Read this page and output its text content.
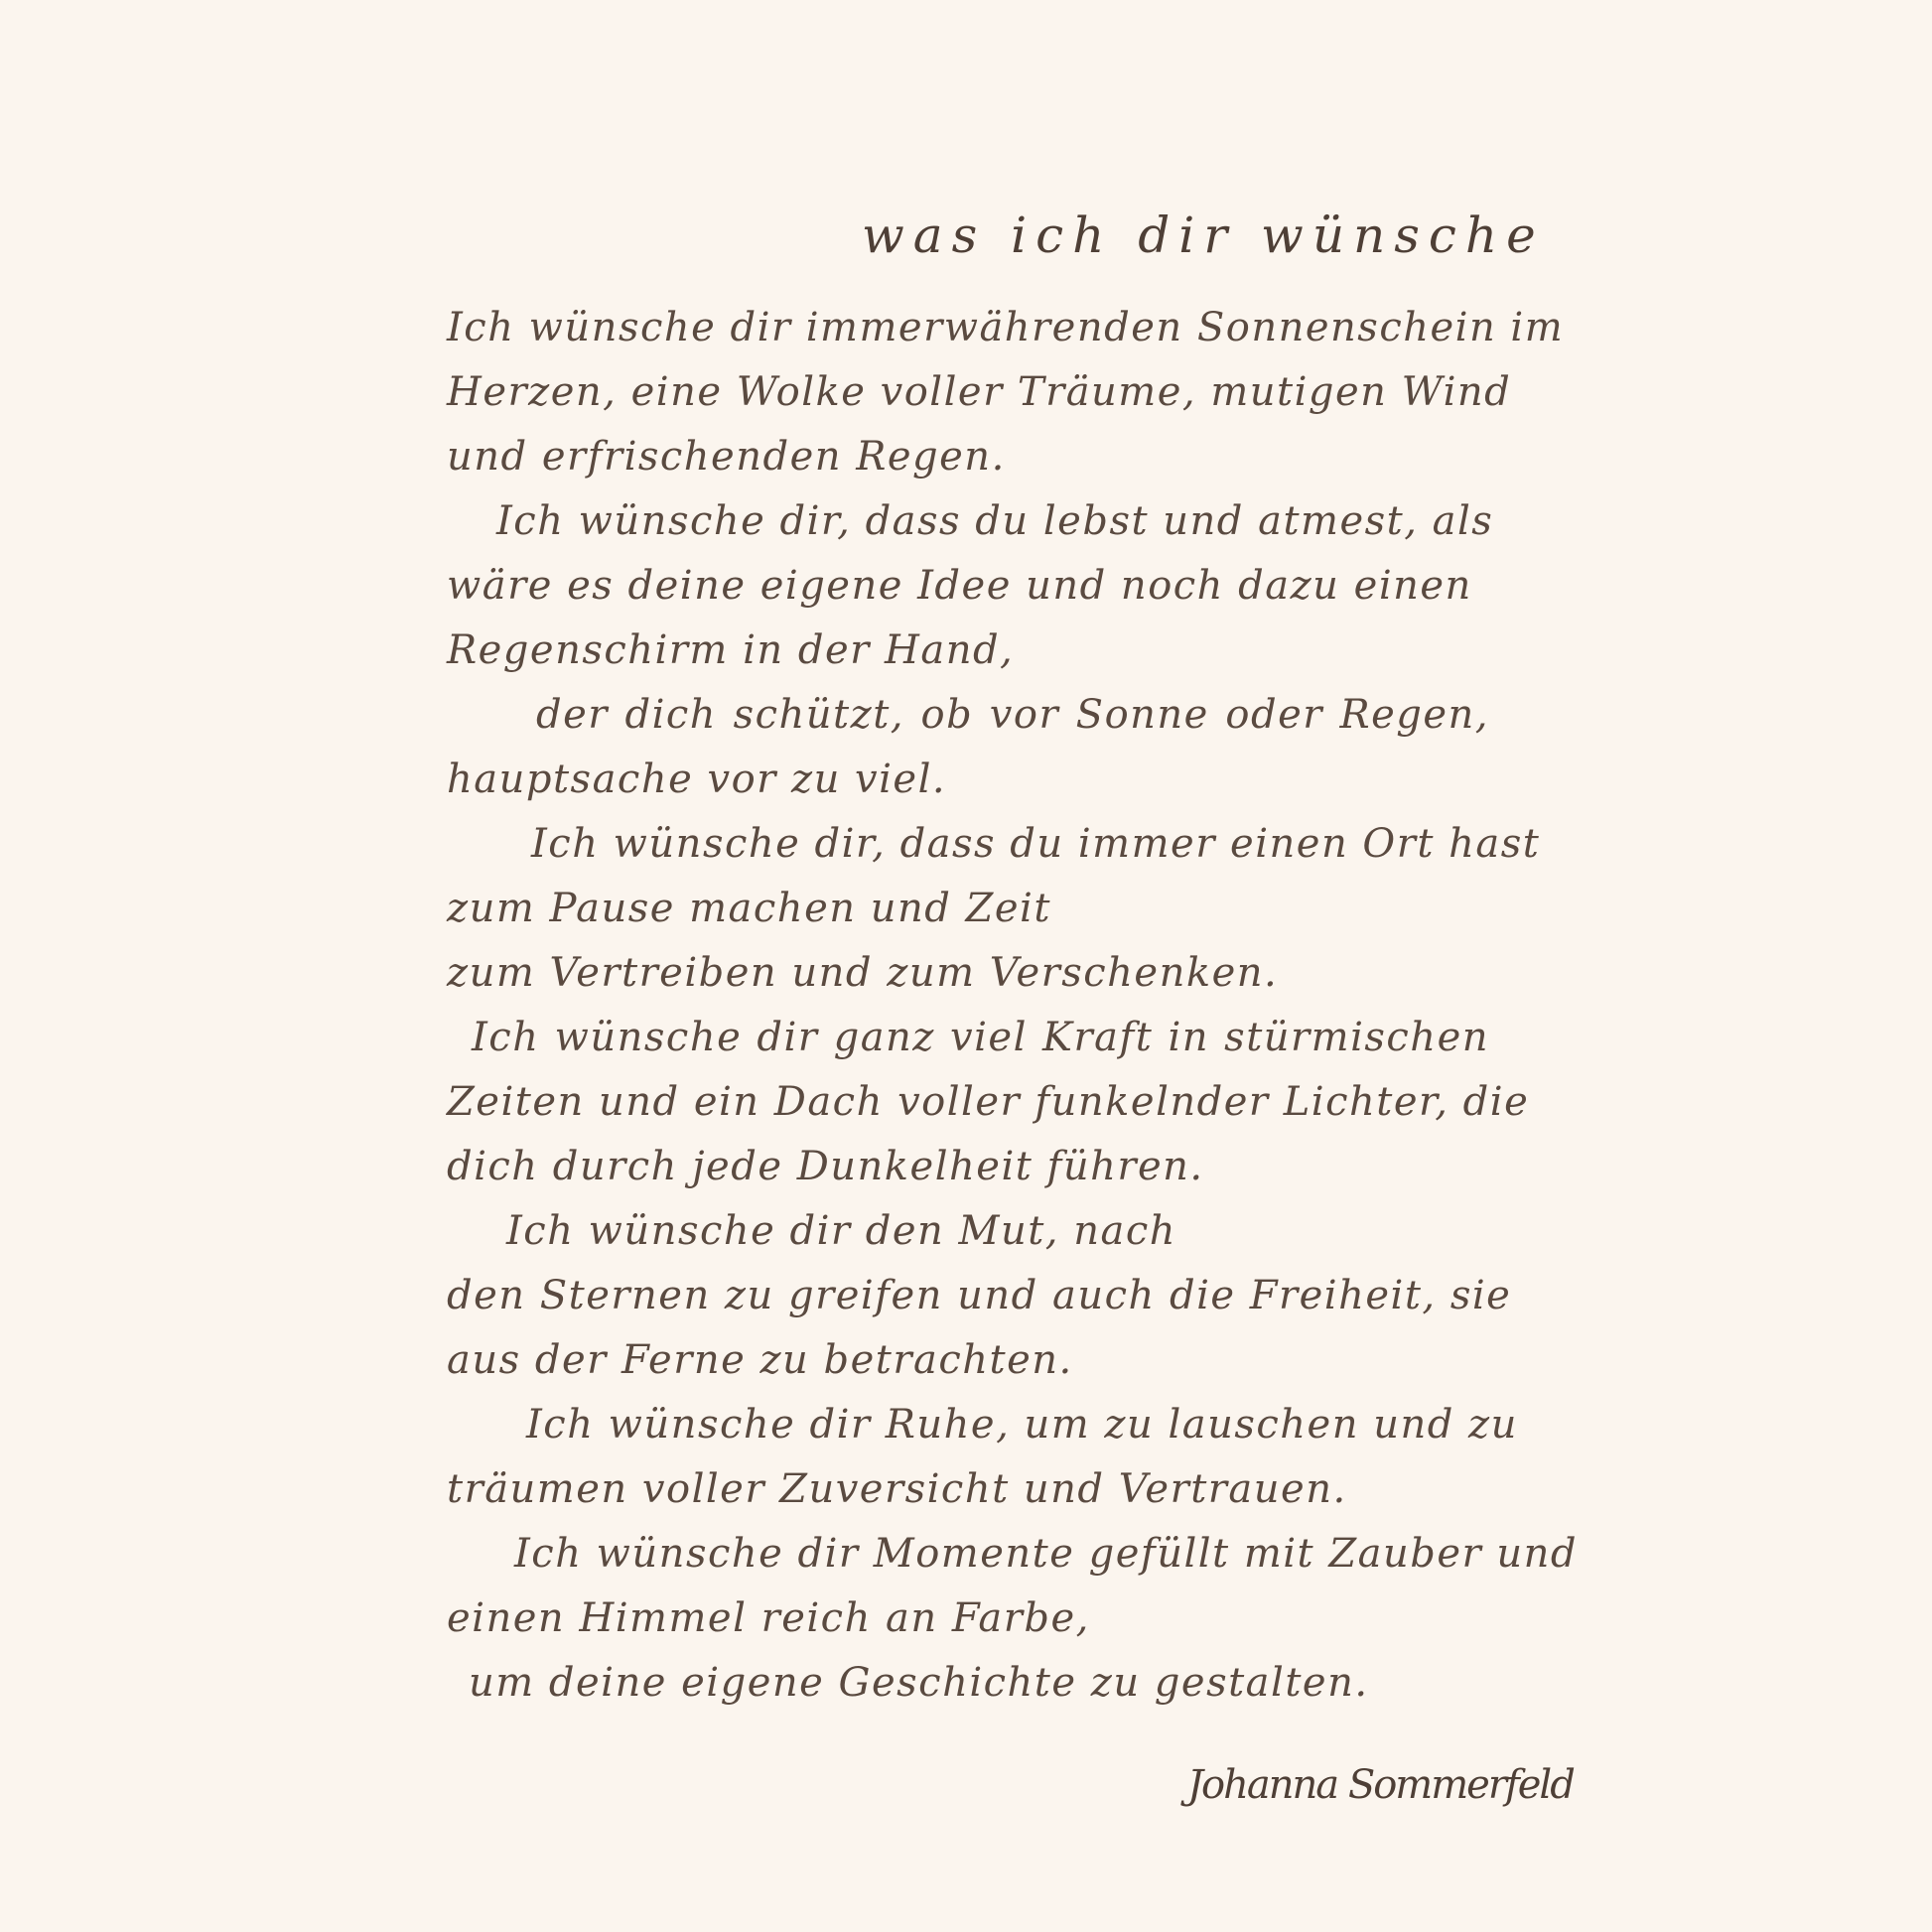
was ich dir wünsche
Ich wünsche dir immerwährenden Sonnenschein im
Herzen, eine Wolke voller Träume, mutigen Wind
und erfrischenden Regen.
Ich wünsche dir, dass du lebst und atmest, als
wäre es deine eigene Idee und noch dazu einen
Regenschirm in der Hand,
der dich schützt, ob vor Sonne oder Regen,
hauptsache vor zu viel.
Ich wünsche dir, dass du immer einen Ort hast
zum Pause machen und Zeit
zum Vertreiben und zum Verschenken.
Ich wünsche dir ganz viel Kraft in stürmischen
Zeiten und ein Dach voller funkelnder Lichter, die
dich durch jede Dunkelheit führen.
Ich wünsche dir den Mut, nach
den Sternen zu greifen und auch die Freiheit, sie
aus der Ferne zu betrachten.
Ich wünsche dir Ruhe, um zu lauschen und zu
träumen voller Zuversicht und Vertrauen.
Ich wünsche dir Momente gefüllt mit Zauber und
einen Himmel reich an Farbe,
um deine eigene Geschichte zu gestalten.
Johanna Sommerfeld
